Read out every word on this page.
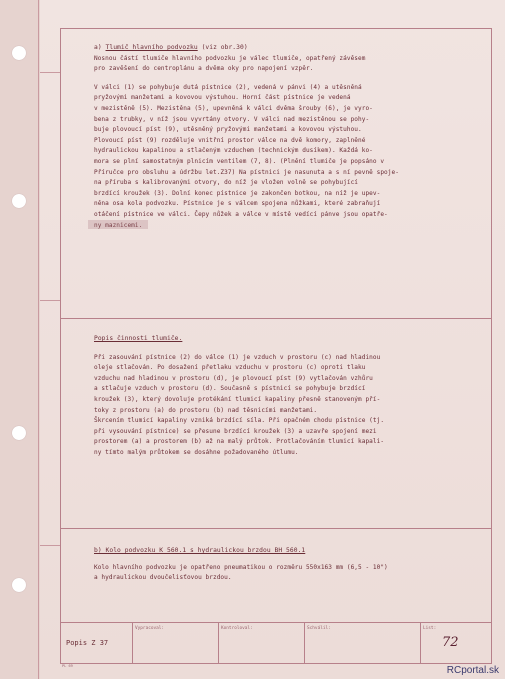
a) Tlumič hlavního podvozku (viz obr.30)
Nosnou částí tlumiče hlavního podvozku je válec tlumiče, opatřený závěsem
pro zavěšení do centroplánu a dvěma oky pro napojení vzpěr.
V válci (1) se pohybuje dutá pístnice (2), vedená v pánvi (4) a utěsněná
pryžovými manžetami a kovovou výstuhou. Horní část pístnice je vedená
v mezistěně (5). Mezistěna (5), upevněná k válci dvěma šrouby (6), je vyro-
bena z trubky, v níž jsou vyvrtány otvory. V válci nad mezistěnou se pohy-
buje plovoucí píst (9), utěsněný pryžovými manžetami a kovovou výstuhou.
Plovoucí píst (9) rozděluje vnitřní prostor válce na dvě komory, zaplněné
hydraulickou kapalinou a stlačeným vzduchem (technickým dusíkem). Každá ko-
mora se plní samostatným plnicím ventilem (7, 8). (Plnění tlumiče je popsáno v
Příručce pro obsluhu a údržbu let.Z37) Na pístnici je nasunuta a s ní pevně spoje-
na příruba s kalibrovanými otvory, do níž je vložen volně se pohybující
brzdící kroužek (3). Dolní konec pístnice je zakončen botkou, na níž je upev-
něna osa kola podvozku. Pístnice je s válcem spojena nůžkami, které zabraňují
otáčení pístnice ve válci. Čepy nůžek a válce v místě vedící pánve jsou opatře-
ny maznicemi.
Popis činnosti tlumiče.
Při zasouvání pístnice (2) do válce (1) je vzduch v prostoru (c) nad hladinou
oleje stlačován. Po dosažení přetlaku vzduchu v prostoru (c) oproti tlaku
vzduchu nad hladinou v prostoru (d), je plovoucí píst (9) vytlačován vzhůru
a stlačuje vzduch v prostoru (d). Současně s pístnicí se pohybuje brzdící
kroužek (3), který dovoluje protékání tlumicí kapaliny přesně stanoveným pří-
toky z prostoru (a) do prostoru (b) nad těsnicími manžetami.
Škrcením tlumicí kapaliny vzniká brzdící síla. Při opačném chodu pístnice (tj.
při vysouvání pístnice) se přesune brzdící kroužek (3) a uzavře spojení mezi
prostorem (a) a prostorem (b) až na malý průtok. Protlačováním tlumicí kapali-
ny tímto malým průtokem se dosáhne požadovaného útlumu.
b) Kolo podvozku K 560.1 s hydraulickou brzdou BH 560.1
Kolo hlavního podvozku je opatřeno pneumatikou o rozměru 550x163 mm (6,5 - 10")
a hydraulickou dvoučelisťovou brzdou.
Popis Z 37
Vypracoval:	Kontroloval:	Schválil:	List:
72
PL 69	RCportal.sk
